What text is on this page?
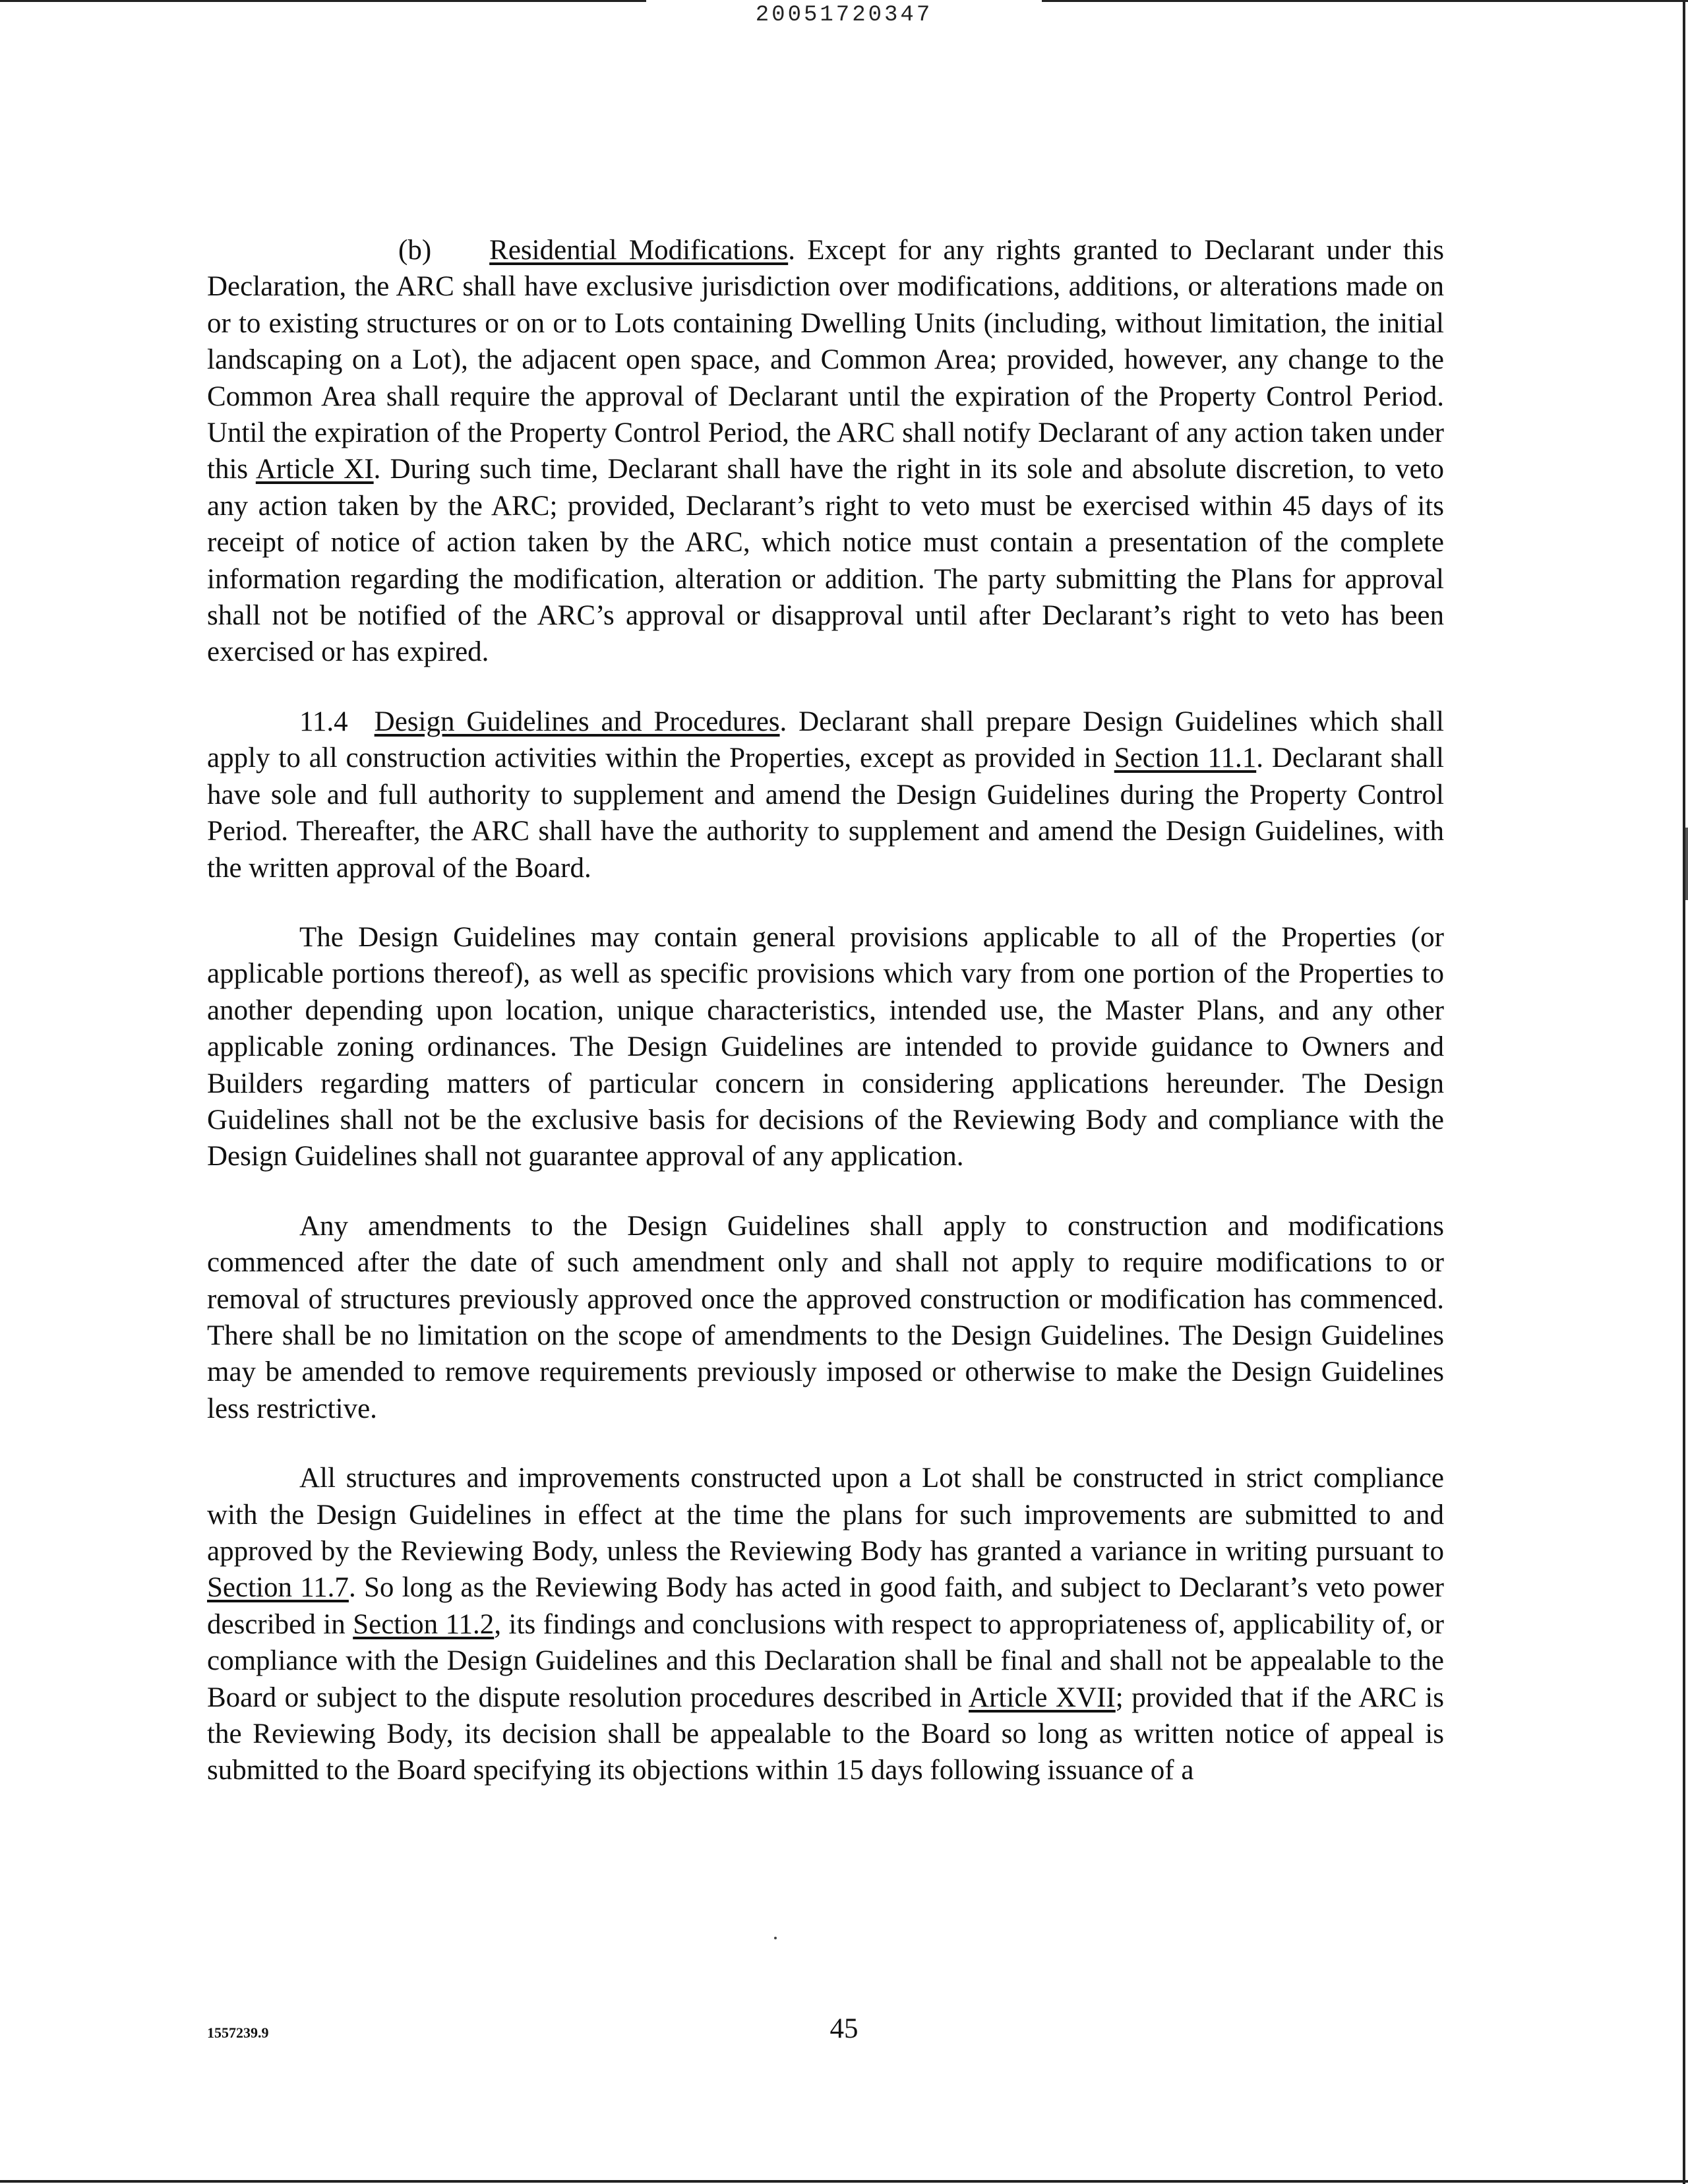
20051720347

(b) Residential Modifications. Except for any rights granted to Declarant under this Declaration, the ARC shall have exclusive jurisdiction over modifications, additions, or alterations made on or to existing structures or on or to Lots containing Dwelling Units (including, without limitation, the initial landscaping on a Lot), the adjacent open space, and Common Area; provided, however, any change to the Common Area shall require the approval of Declarant until the expiration of the Property Control Period. Until the expiration of the Property Control Period, the ARC shall notify Declarant of any action taken under this Article XI. During such time, Declarant shall have the right in its sole and absolute discretion, to veto any action taken by the ARC; provided, Declarant’s right to veto must be exercised within 45 days of its receipt of notice of action taken by the ARC, which notice must contain a presentation of the complete information regarding the modification, alteration or addition. The party submitting the Plans for approval shall not be notified of the ARC’s approval or disapproval until after Declarant’s right to veto has been exercised or has expired.

11.4 Design Guidelines and Procedures. Declarant shall prepare Design Guidelines which shall apply to all construction activities within the Properties, except as provided in Section 11.1. Declarant shall have sole and full authority to supplement and amend the Design Guidelines during the Property Control Period. Thereafter, the ARC shall have the authority to supplement and amend the Design Guidelines, with the written approval of the Board.

The Design Guidelines may contain general provisions applicable to all of the Properties (or applicable portions thereof), as well as specific provisions which vary from one portion of the Properties to another depending upon location, unique characteristics, intended use, the Master Plans, and any other applicable zoning ordinances. The Design Guidelines are intended to provide guidance to Owners and Builders regarding matters of particular concern in considering applications hereunder. The Design Guidelines shall not be the exclusive basis for decisions of the Reviewing Body and compliance with the Design Guidelines shall not guarantee approval of any application.

Any amendments to the Design Guidelines shall apply to construction and modifications commenced after the date of such amendment only and shall not apply to require modifications to or removal of structures previously approved once the approved construction or modification has commenced. There shall be no limitation on the scope of amendments to the Design Guidelines. The Design Guidelines may be amended to remove requirements previously imposed or otherwise to make the Design Guidelines less restrictive.

All structures and improvements constructed upon a Lot shall be constructed in strict compliance with the Design Guidelines in effect at the time the plans for such improvements are submitted to and approved by the Reviewing Body, unless the Reviewing Body has granted a variance in writing pursuant to Section 11.7. So long as the Reviewing Body has acted in good faith, and subject to Declarant’s veto power described in Section 11.2, its findings and conclusions with respect to appropriateness of, applicability of, or compliance with the Design Guidelines and this Declaration shall be final and shall not be appealable to the Board or subject to the dispute resolution procedures described in Article XVII; provided that if the ARC is the Reviewing Body, its decision shall be appealable to the Board so long as written notice of appeal is submitted to the Board specifying its objections within 15 days following issuance of a

1557239.9	45
